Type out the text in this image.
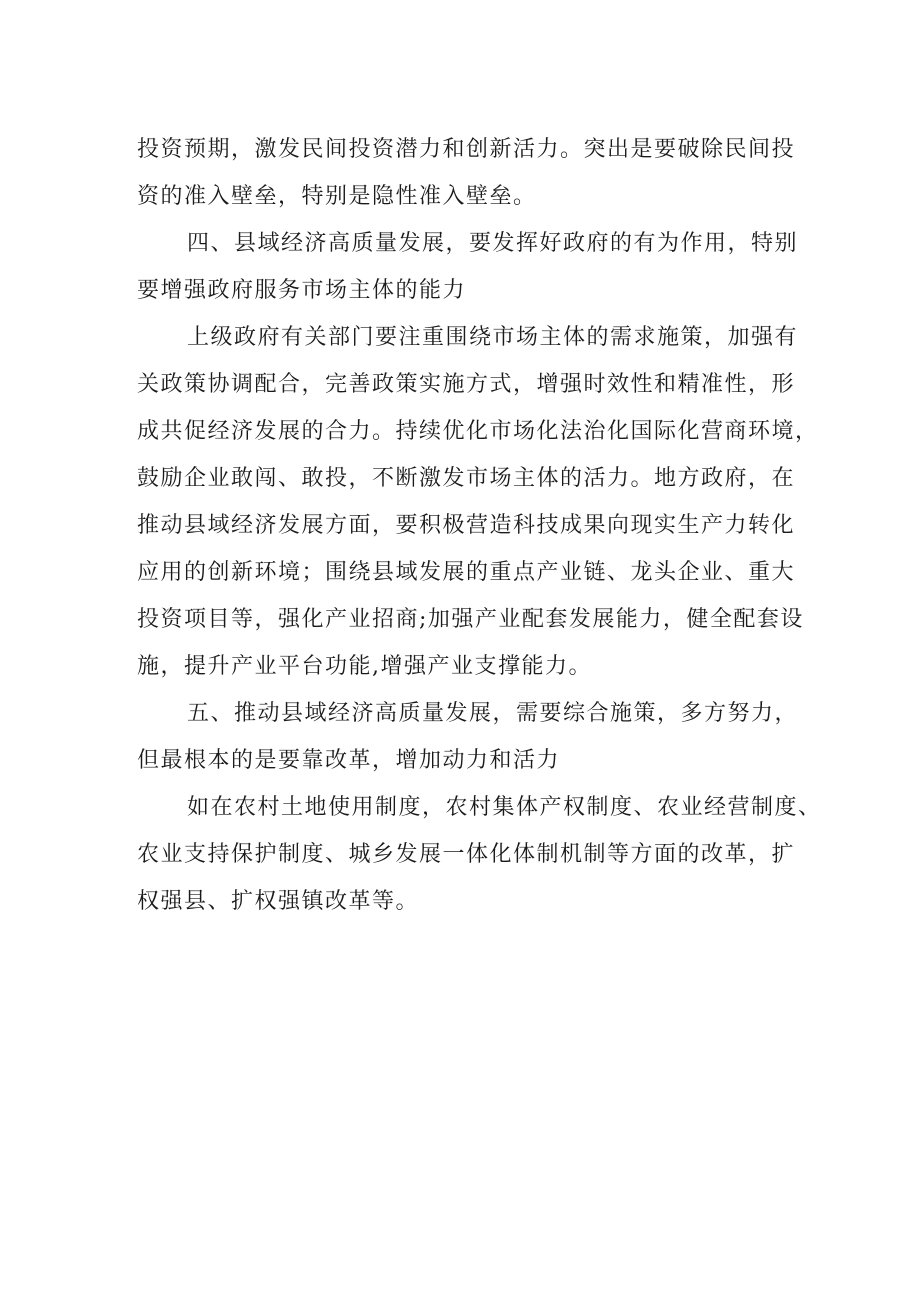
投资预期，激发民间投资潜力和创新活力。突出是要破除民间投
资的准入壁垒，特别是隐性准入壁垒。
四、县域经济高质量发展，要发挥好政府的有为作用，特别
要增强政府服务市场主体的能力
上级政府有关部门要注重围绕市场主体的需求施策，加强有
关政策协调配合，完善政策实施方式，增强时效性和精准性，形
成共促经济发展的合力。持续优化市场化法治化国际化营商环境，
鼓励企业敢闯、敢投，不断激发市场主体的活力。地方政府，在
推动县域经济发展方面，要积极营造科技成果向现实生产力转化
应用的创新环境；围绕县域发展的重点产业链、龙头企业、重大
投资项目等，强化产业招商;加强产业配套发展能力，健全配套设
施，提升产业平台功能,增强产业支撑能力。
五、推动县域经济高质量发展，需要综合施策，多方努力，
但最根本的是要靠改革，增加动力和活力
如在农村土地使用制度，农村集体产权制度、农业经营制度、
农业支持保护制度、城乡发展一体化体制机制等方面的改革，扩
权强县、扩权强镇改革等。
